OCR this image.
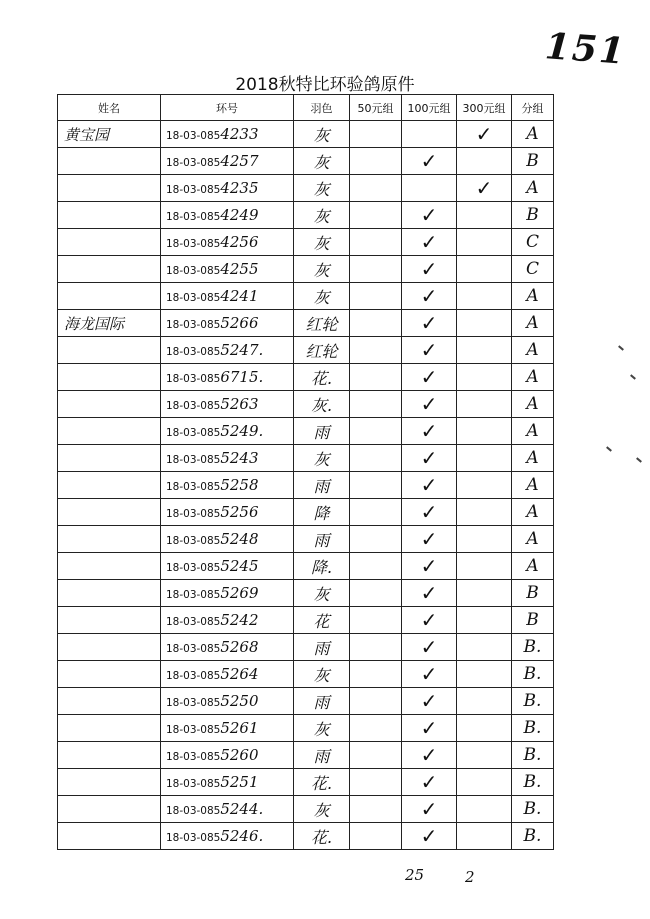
151
2018秋特比环验鸽原件
姓名	环号	羽色	50元组	100元组	300元组	分组
黄宝园	18-03-0854233	灰			✓	A
	18-03-0854257	灰		✓		B
	18-03-0854235	灰			✓	A
	18-03-0854249	灰		✓		B
	18-03-0854256	灰		✓		C
	18-03-0854255	灰		✓		C
	18-03-0854241	灰		✓		A
海龙国际	18-03-0855266	红轮		✓		A
	18-03-0855247.	红轮		✓		A
	18-03-0856715.	花.		✓		A
	18-03-0855263	灰.		✓		A
	18-03-0855249.	雨		✓		A
	18-03-0855243	灰		✓		A
	18-03-0855258	雨		✓		A
	18-03-0855256	降		✓		A
	18-03-0855248	雨		✓		A
	18-03-0855245	降.		✓		A
	18-03-0855269	灰		✓		B
	18-03-0855242	花		✓		B
	18-03-0855268	雨		✓		B.
	18-03-0855264	灰		✓		B.
	18-03-0855250	雨		✓		B.
	18-03-0855261	灰		✓		B.
	18-03-0855260	雨		✓		B.
	18-03-0855251	花.		✓		B.
	18-03-0855244.	灰		✓		B.
	18-03-0855246.	花.		✓		B.
25	2
